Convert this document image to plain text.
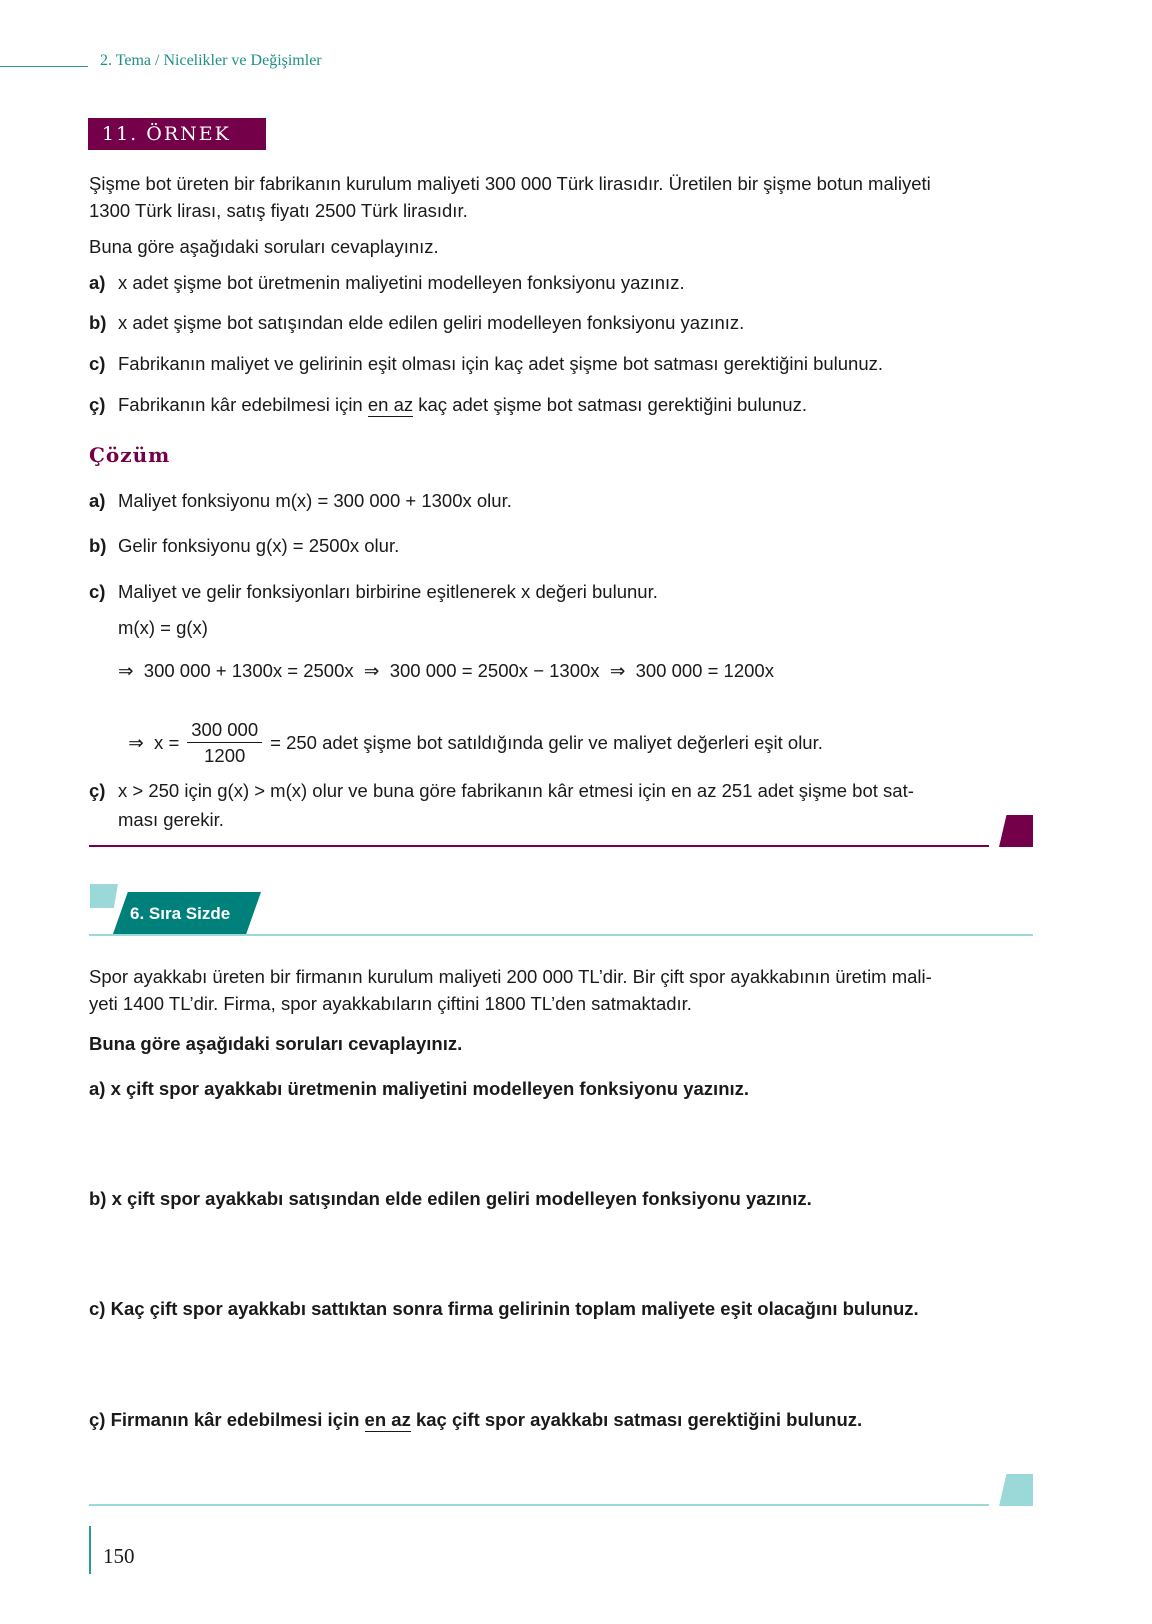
2. Tema / Nicelikler ve Değişimler
11. ÖRNEK
Şişme bot üreten bir fabrikanın kurulum maliyeti 300 000 Türk lirasıdır. Üretilen bir şişme botun maliyeti
1300 Türk lirası, satış fiyatı 2500 Türk lirasıdır.
Buna göre aşağıdaki soruları cevaplayınız.
a) x adet şişme bot üretmenin maliyetini modelleyen fonksiyonu yazınız.
b) x adet şişme bot satışından elde edilen geliri modelleyen fonksiyonu yazınız.
c) Fabrikanın maliyet ve gelirinin eşit olması için kaç adet şişme bot satması gerektiğini bulunuz.
ç) Fabrikanın kâr edebilmesi için en az kaç adet şişme bot satması gerektiğini bulunuz.
Çözüm
a) Maliyet fonksiyonu m(x) = 300 000 + 1300x olur.
b) Gelir fonksiyonu g(x) = 2500x olur.
c) Maliyet ve gelir fonksiyonları birbirine eşitlenerek x değeri bulunur.
m(x) = g(x)
⇒  300 000 + 1300x = 2500x  ⇒  300 000 = 2500x − 1300x  ⇒  300 000 = 1200x

⇒  $x = \frac{300 000}{1200} = 250$ adet şişme bot satıldığında gelir ve maliyet değerleri eşit olur.

ç) x > 250 için g(x) > m(x) olur ve buna göre fabrikanın kâr etmesi için en az 251 adet şişme bot sat-
ması gerekir.
6. Sıra Sizde
Spor ayakkabı üreten bir firmanın kurulum maliyeti 200 000 TL’dir. Bir çift spor ayakkabının üretim mali-
yeti 1400 TL’dir. Firma, spor ayakkabıların çiftini 1800 TL’den satmaktadır.
Buna göre aşağıdaki soruları cevaplayınız.
a) x çift spor ayakkabı üretmenin maliyetini modelleyen fonksiyonu yazınız.
b) x çift spor ayakkabı satışından elde edilen geliri modelleyen fonksiyonu yazınız.
c) Kaç çift spor ayakkabı sattıktan sonra firma gelirinin toplam maliyete eşit olacağını bulunuz.
ç) Firmanın kâr edebilmesi için en az kaç çift spor ayakkabı satması gerektiğini bulunuz.
150
